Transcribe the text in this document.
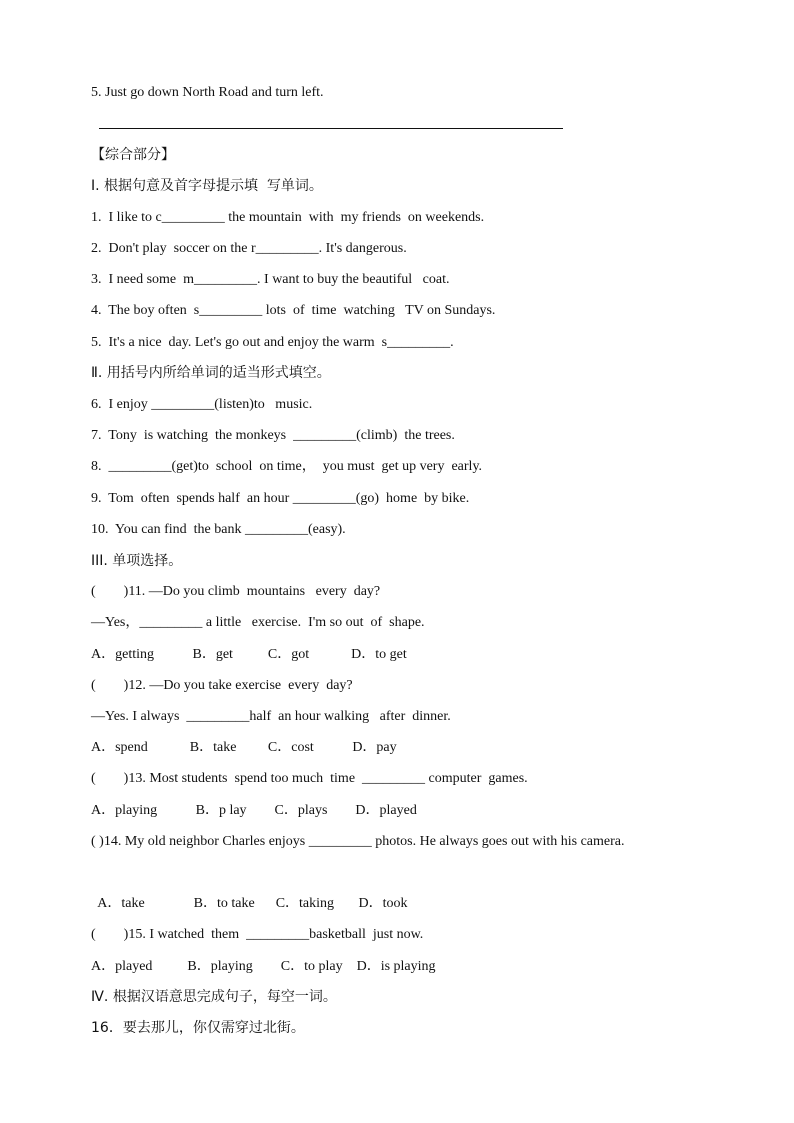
5. Just go down North Road and turn left.
【综合部分】
Ⅰ. 根据句意及首字母提示填  写单词。
1.  I like to c_________ the mountain  with  my friends  on weekends.
2.  Don't play  soccer on the r_________. It's dangerous.
3.  I need some  m_________. I want to buy the beautiful   coat.
4.  The boy often  s_________ lots  of  time  watching   TV on Sundays.
5.  It's a nice  day. Let's go out and enjoy the warm  s_________.
Ⅱ. 用括号内所给单词的适当形式填空。
6.  I enjoy _________(listen)to   music.
7.  Tony  is watching  the monkeys  _________(climb)  the trees.
8.  _________(get)to  school  on time，  you must  get up very  early.
9.  Tom  often  spends half  an hour _________(go)  home  by bike.
10.  You can find  the bank _________(easy).
III. 单项选择。
(        )11. —Do you climb  mountains   every  day?
—Yes，_________ a little   exercise.  I'm so out  of  shape.
A．getting           B．get          C．got            D．to get
(        )12. —Do you take exercise  every  day?
—Yes. I always  _________half  an hour walking   after  dinner.
A．spend            B．take         C．cost           D．pay
(        )13. Most students  spend too much  time  _________ computer  games.
A．playing           B．p lay        C．plays        D．played
( )14. My old neighbor Charles enjoys _________ photos. He always goes out with his camera.
A．take              B．to take      C．taking       D．took
(        )15. I watched  them  _________basketball  just now.
A．played          B．playing        C．to play    D．is playing
Ⅳ. 根据汉语意思完成句子，每空一词。
16．要去那儿，你仅需穿过北街。
